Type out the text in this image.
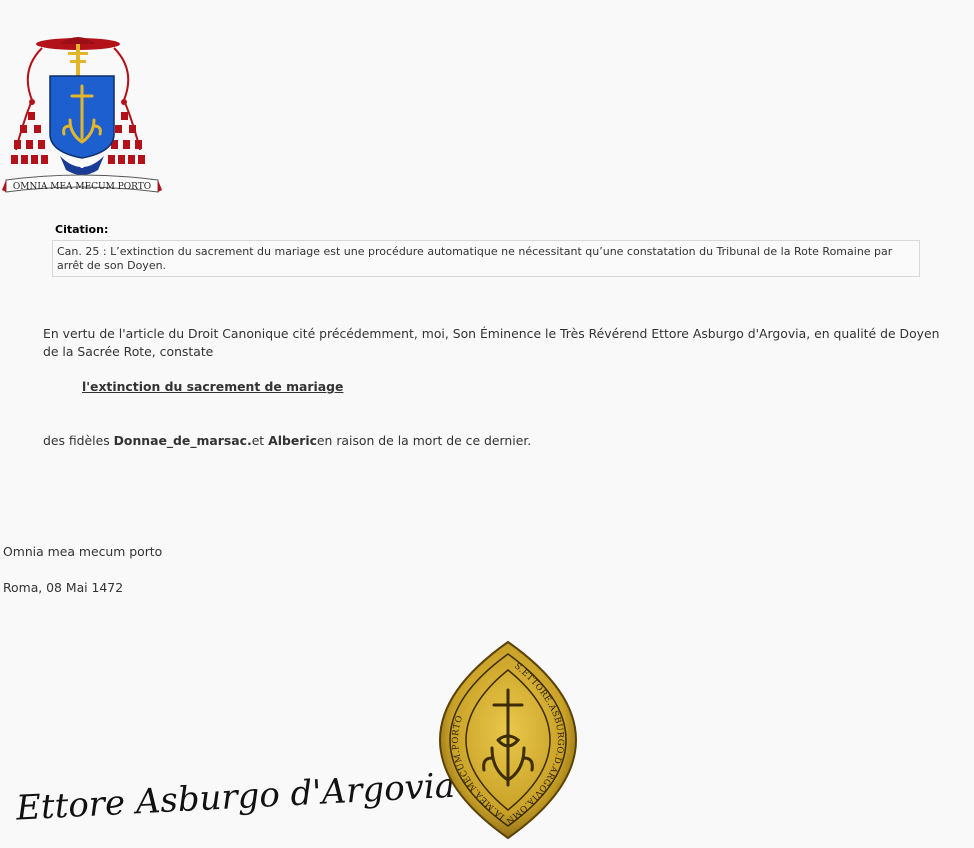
OMNIA MEA MECUM PORTO
Citation:
Can. 25 : L’extinction du sacrement du mariage est une procédure automatique ne nécessitant qu’une constatation du Tribunal de la Rote Romaine par arrêt de son Doyen.
En vertu de l'article du Droit Canonique cité précédemment, moi, Son Éminence le Très Révérend Ettore Asburgo d'Argovia, en qualité de Doyen de la Sacrée Rote, constate
l'extinction du sacrement de mariage
des fidèles Donnae_de_marsac.et Albericen raison de la mort de ce dernier.
Omnia mea mecum porto
Roma, 08 Mai 1472
Ettore Asburgo d'Argovia
S.ETTORE.ASBURGO.D.ARGOVIA.OMNIA.MEA.MECUM.PORTO
